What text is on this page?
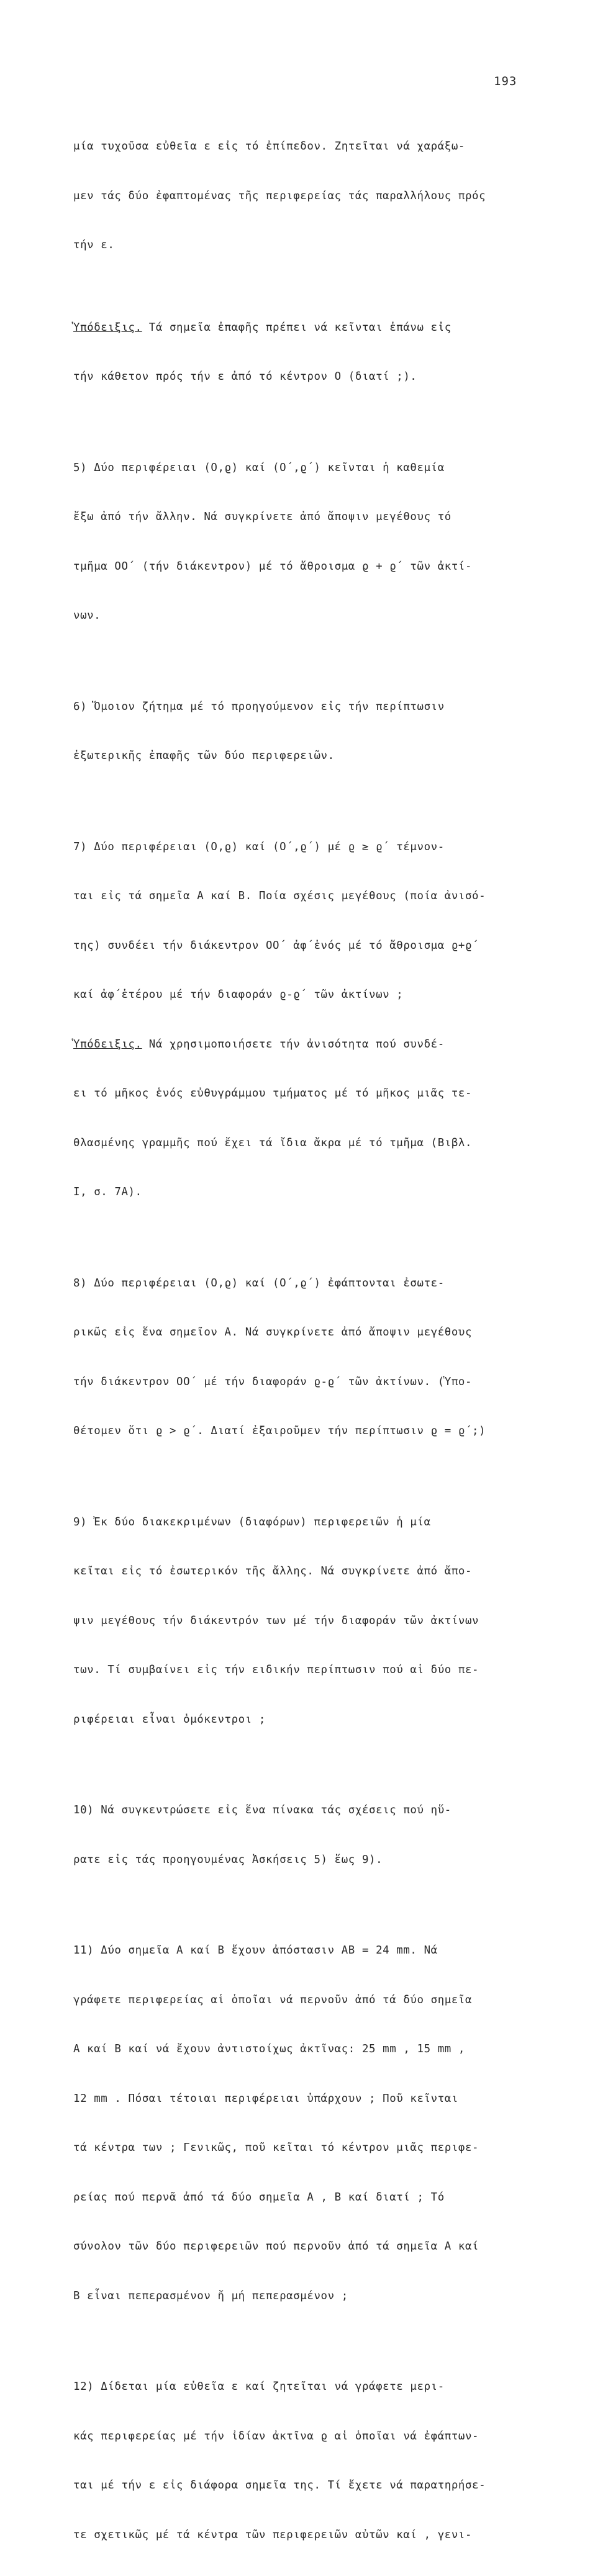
193

μία τυχοῦσα εὐθεῖα ε εἰς τό ἐπίπεδον. Ζητεῖται νά χαράξω-

μεν τάς δύο ἐφαπτομένας τῆς περιφερείας τάς παραλλήλους πρός

τήν ε.

Ὑπόδειξις. Τά σημεῖα ἐπαφῆς πρέπει νά κεῖνται ἐπάνω εἰς

τήν κάθετον πρός τήν ε ἀπό τό κέντρον Ο (διατί ;).

5) Δύο περιφέρειαι (Ο,ϱ) καί (Ο΄,ϱ΄) κεῖνται ἡ καθεμία

ἔξω ἀπό τήν ἄλλην. Νά συγκρίνετε ἀπό ἄποψιν μεγέθους τό

τμῆμα ΟΟ΄ (τήν διάκεντρον) μέ τό ἄθροισμα ϱ + ϱ΄ τῶν ἀκτί-

νων.

6) Ὅμοιον ζήτημα μέ τό προηγούμενον εἰς τήν περίπτωσιν

ἐξωτερικῆς ἐπαφῆς τῶν δύο περιφερειῶν.

7) Δύο περιφέρειαι (Ο,ϱ) καί (Ο΄,ϱ΄) μέ ϱ ≥ ϱ΄ τέμνον-

ται εἰς τά σημεῖα Α καί Β. Ποία σχέσις μεγέθους (ποία ἀνισό-

της) συνδέει τήν διάκεντρον ΟΟ΄ ἀφ΄ἑνός μέ τό ἄθροισμα ϱ+ϱ΄

καί ἀφ΄ἑτέρου μέ τήν διαφοράν ϱ-ϱ΄ τῶν ἀκτίνων ;

Ὑπόδειξις. Νά χρησιμοποιήσετε τήν ἀνισότητα πού συνδέ-

ει τό μῆκος ἑνός εὐθυγράμμου τμήματος μέ τό μῆκος μιᾶς τε-

θλασμένης γραμμῆς πού ἔχει τά ἴδια ἄκρα μέ τό τμῆμα (Βιβλ.

Ι, σ. 7Α).

8) Δύο περιφέρειαι (Ο,ϱ) καί (Ο΄,ϱ΄) ἐφάπτονται ἐσωτε-

ρικῶς εἰς ἕνα σημεῖον Α. Νά συγκρίνετε ἀπό ἄποψιν μεγέθους

τήν διάκεντρον ΟΟ΄ μέ τήν διαφοράν ϱ-ϱ΄ τῶν ἀκτίνων. (Ὑπο-

θέτομεν ὅτι ϱ > ϱ΄. Διατί ἐξαιροῦμεν τήν περίπτωσιν ϱ = ϱ΄;)

9) Ἐκ δύο διακεκριμένων (διαφόρων) περιφερειῶν ἡ μία

κεῖται εἰς τό ἐσωτερικόν τῆς ἄλλης. Νά συγκρίνετε ἀπό ἄπο-

ψιν μεγέθους τήν διάκεντρόν των μέ τήν διαφοράν τῶν ἀκτίνων

των. Τί συμβαίνει εἰς τήν ειδικήν περίπτωσιν πού αἱ δύο πε-

ριφέρειαι εἶναι ὁμόκεντροι ;

10) Νά συγκεντρώσετε εἰς ἕνα πίνακα τάς σχέσεις πού ηὕ-

ρατε εἰς τάς προηγουμένας Ἀσκήσεις 5) ἕως 9).

11) Δύο σημεῖα Α καί Β ἔχουν ἀπόστασιν ΑΒ = 24 mm. Νά

γράφετε περιφερείας αἱ ὁποῖαι νά περνοῦν ἀπό τά δύο σημεῖα

Α καί Β καί νά ἔχουν ἀντιστοίχως ἀκτῖνας: 25 mm , 15 mm ,

12 mm . Πόσαι τέτοιαι περιφέρειαι ὑπάρχουν ; Ποῦ κεῖνται

τά κέντρα των ; Γενικῶς, ποῦ κεῖται τό κέντρον μιᾶς περιφε-

ρείας πού περνᾶ ἀπό τά δύο σημεῖα Α , Β καί διατί ; Τό

σύνολον τῶν δύο περιφερειῶν πού περνοῦν ἀπό τά σημεῖα Α καί

Β εἶναι πεπερασμένον ἤ μή πεπερασμένον ;

12) Δίδεται μία εὐθεῖα ε καί ζητεῖται νά γράφετε μερι-

κάς περιφερείας μέ τήν ἰδίαν ἀκτῖνα ϱ αἱ ὁποῖαι νά ἐφάπτων-

ται μέ τήν ε εἰς διάφορα σημεῖα της. Τί ἔχετε νά παρατηρήσε-

τε σχετικῶς μέ τά κέντρα τῶν περιφερειῶν αὐτῶν καί , γενι-
